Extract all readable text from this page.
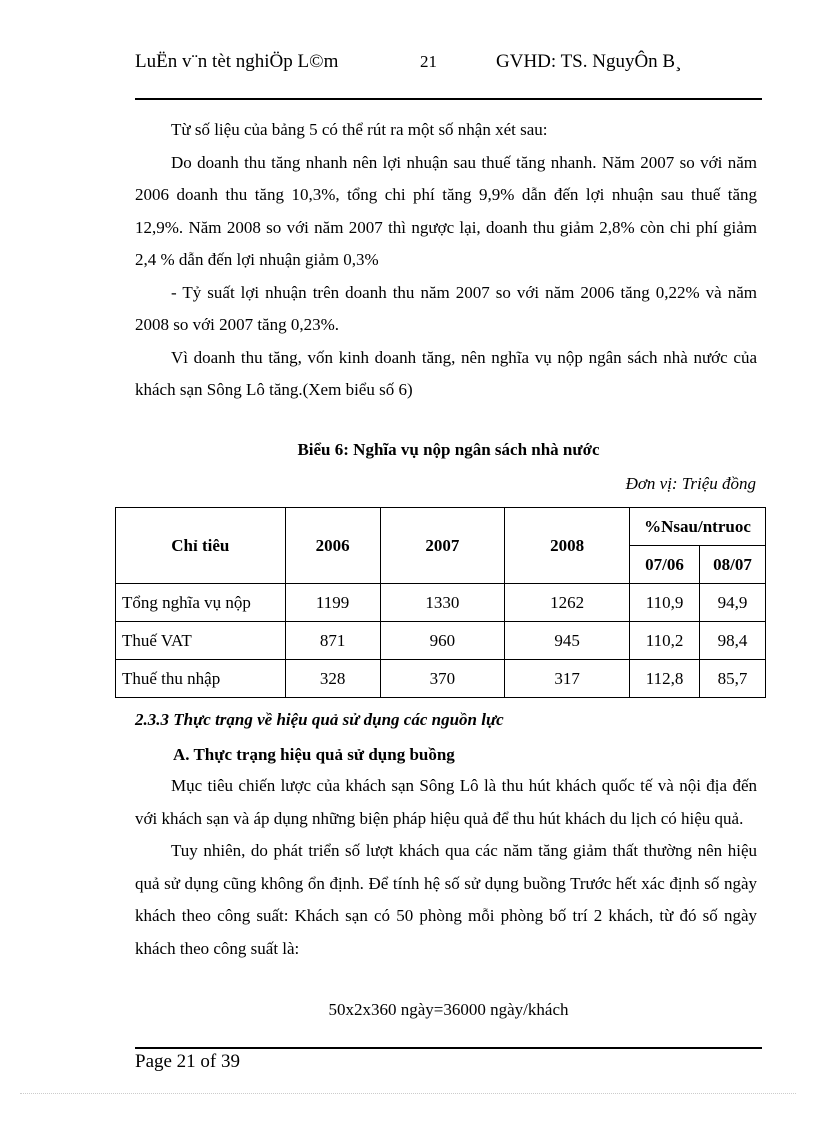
LuËn v¨n tèt nghiÖp L©m	21	GVHD: TS. NguyÔn B¸

Từ số liệu của bảng 5 có thể rút ra một số nhận xét sau:

Do doanh thu tăng nhanh nên lợi nhuận sau thuế tăng nhanh. Năm 2007 so với năm 2006 doanh thu tăng 10,3%, tổng chi phí tăng 9,9% dẫn đến lợi nhuận sau thuế tăng 12,9%. Năm 2008 so với năm 2007 thì ngược lại, doanh thu giảm 2,8% còn chi phí giảm 2,4 % dẫn đến lợi nhuận giảm 0,3%

- Tỷ suất lợi nhuận trên doanh thu năm 2007 so với năm 2006 tăng 0,22% và năm 2008 so với 2007 tăng 0,23%.

Vì doanh thu tăng, vốn kinh doanh tăng, nên nghĩa vụ nộp ngân sách nhà nước của khách sạn Sông Lô tăng.(Xem biểu số 6)

Biểu 6: Nghĩa vụ nộp ngân sách nhà nước
Đơn vị: Triệu đồng
Chỉ tiêu	2006	2007	2008	%Nsau/ntruoc	
				07/06	08/07
Tổng nghĩa vụ nộp	1199	1330	1262	110,9	94,9
Thuế VAT	871	960	945	110,2	98,4
Thuế thu nhập	328	370	317	112,8	85,7
2.3.3 Thực trạng về hiệu quả sử dụng các nguồn lực
A. Thực trạng hiệu quả sử dụng buồng

Mục tiêu chiến lược của khách sạn Sông Lô là thu hút khách quốc tế và nội địa đến với khách sạn và áp dụng những biện pháp hiệu quả để thu hút khách du lịch có hiệu quả.

Tuy nhiên, do phát triển số lượt khách qua các năm tăng giảm thất thường nên hiệu quả sử dụng cũng không ổn định. Để tính hệ số sử dụng buồng Trước hết xác định số ngày khách theo công suất: Khách sạn có 50 phòng mỗi phòng bố trí 2 khách, từ đó số ngày khách theo công suất là:

50x2x360 ngày=36000 ngày/khách
Page 21 of 39
